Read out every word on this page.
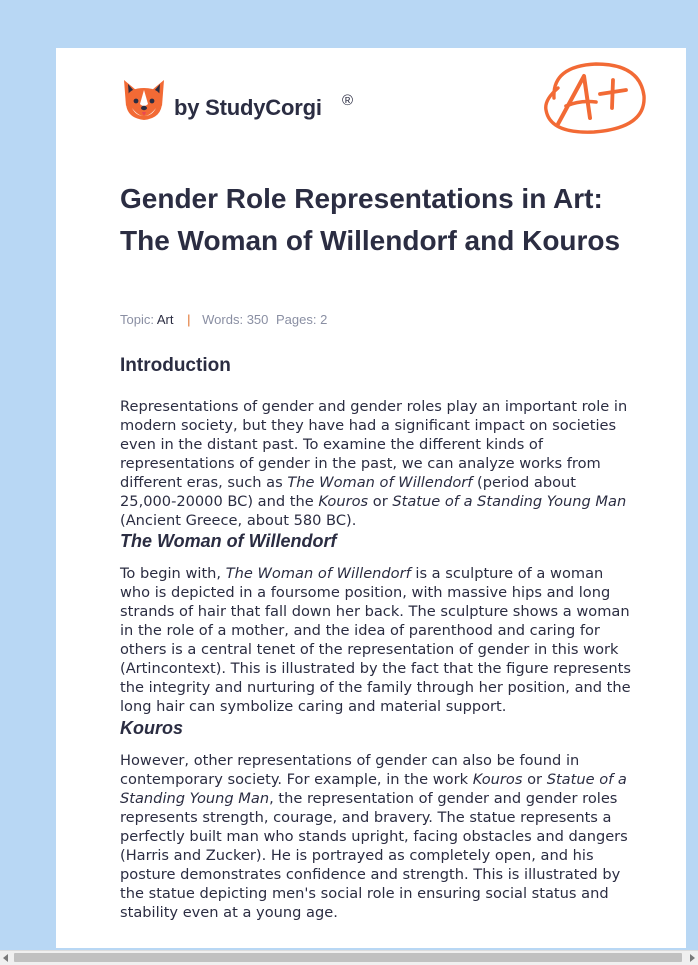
by StudyCorgi ®
Gender Role Representations in Art: The Woman of Willendorf and Kouros
Topic: Art | Words: 350 Pages: 2
Introduction

Representations of gender and gender roles play an important role in modern society, but they have had a significant impact on societies even in the distant past. To examine the different kinds of representations of gender in the past, we can analyze works from different eras, such as The Woman of Willendorf (period about 25,000-20000 BC) and the Kouros or Statue of a Standing Young Man (Ancient Greece, about 580 BC).

The Woman of Willendorf

To begin with, The Woman of Willendorf is a sculpture of a woman who is depicted in a foursome position, with massive hips and long strands of hair that fall down her back. The sculpture shows a woman in the role of a mother, and the idea of parenthood and caring for others is a central tenet of the representation of gender in this work (Artincontext). This is illustrated by the fact that the figure represents the integrity and nurturing of the family through her position, and the long hair can symbolize caring and material support.

Kouros

However, other representations of gender can also be found in contemporary society. For example, in the work Kouros or Statue of a Standing Young Man, the representation of gender and gender roles represents strength, courage, and bravery. The statue represents a perfectly built man who stands upright, facing obstacles and dangers (Harris and Zucker). He is portrayed as completely open, and his posture demonstrates confidence and strength. This is illustrated by the statue depicting men's social role in ensuring social status and stability even at a young age.
